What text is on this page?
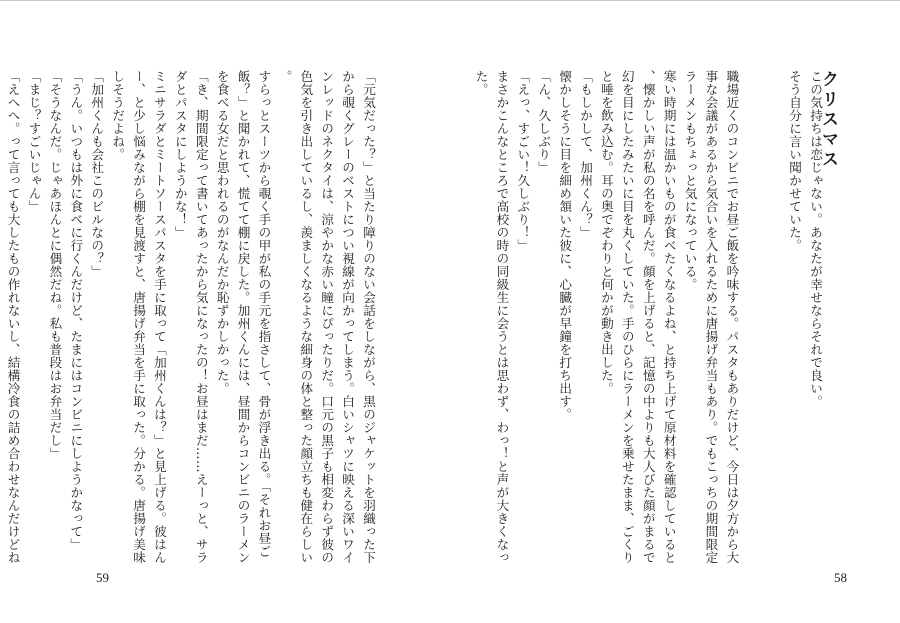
「元気だった？」と当たり障りのない会話をしながら、黒のジャケットを羽織った下
から覗くグレーのベストについ視線が向かってしまう。白いシャツに映える深いワイ
ンレッドのネクタイは、涼やかな赤い瞳にぴったりだ。口元の黒子も相変わらず彼の
色気を引き出しているし、羨ましくなるような細身の体と整った顔立ちも健在らしい
。
すらっとスーツから覗く手の甲が私の手元を指さして、骨が浮き出る。「それお昼ご
飯？」と聞かれて、慌てて棚に戻した。加州くんには、昼間からコンビニのラーメン
を食べる女だと思われるのがなんだか恥ずかしかった。
「き、期間限定って書いてあったから気になったの！お昼はまだ……えーっと、サラ
ダとパスタにしようかな！」
ミニサラダとミートソースパスタを手に取って「加州くんは？」と見上げる。彼はん
ー、と少し悩みながら棚を見渡すと、唐揚げ弁当を手に取った。分かる。唐揚げ美味
しそうだよね。
「加州くんも会社このビルなの？」
「うん。いつもは外に食べに行くんだけど、たまにはコンビニにしようかなって」
「そうなんだ。じゃあほんとに偶然だね。私も普段はお弁当だし」
「まじ？すごいじゃん」
「えへへ。って言っても大したもの作れないし、結構冷食の詰め合わせなんだけどね

59
クリスマス
この気持ちは恋じゃない。あなたが幸せならそれで良い。
そう自分に言い聞かせていた。

職場近くのコンビニでお昼ご飯を吟味する。パスタもありだけど、今日は夕方から大
事な会議があるから気合いを入れるために唐揚げ弁当もあり。でもこっちの期間限定
ラーメンもちょっと気になっている。
寒い時期には温かいものが食べたくなるよね、と持ち上げて原材料を確認していると
、懐かしい声が私の名を呼んだ。顔を上げると、記憶の中よりも大人びた顔がまるで
幻を目にしたみたいに目を丸くしていた。手のひらにラーメンを乗せたまま、ごくり
と唾を飲み込む。耳の奥でぞわりと何かが動き出した。
「もしかして、加州くん？」
懐かしそうに目を細め頷いた彼に、心臓が早鐘を打ち出す。
「ん、久しぶり」
「えっ、すごい！久しぶり！」
まさかこんなところで高校の時の同級生に会うとは思わず、わっ！と声が大きくなっ
た。
58
